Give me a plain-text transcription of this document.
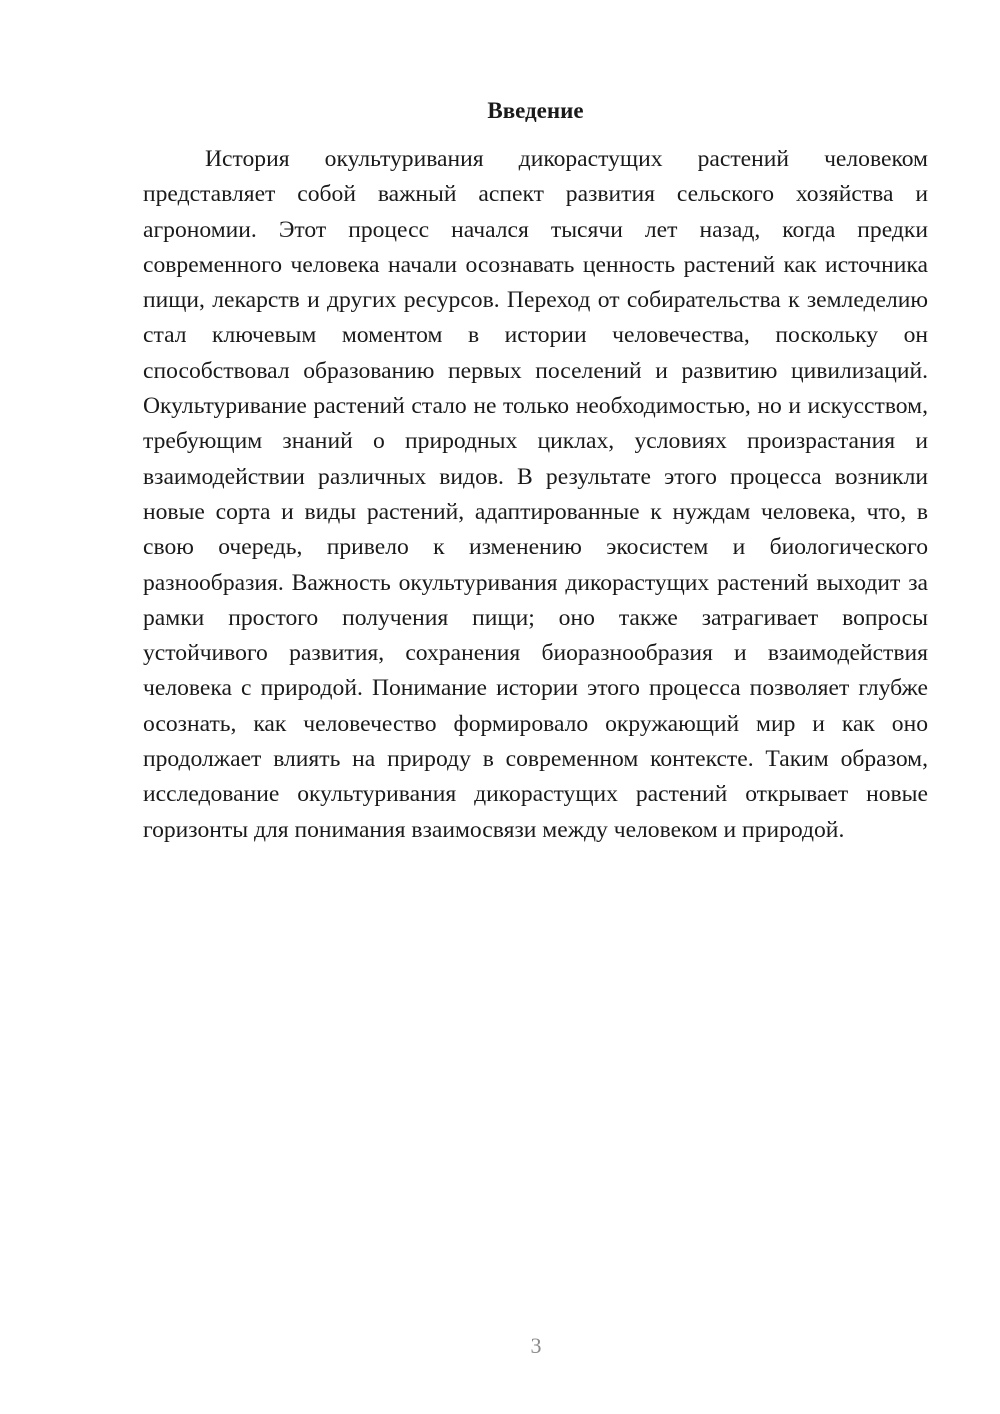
Введение

История окультуривания дикорастущих растений человеком представляет собой важный аспект развития сельского хозяйства и агрономии. Этот процесс начался тысячи лет назад, когда предки современного человека начали осознавать ценность растений как источника пищи, лекарств и других ресурсов. Переход от собирательства к земледелию стал ключевым моментом в истории человечества, поскольку он способствовал образованию первых поселений и развитию цивилизаций. Окультуривание растений стало не только необходимостью, но и искусством, требующим знаний о природных циклах, условиях произрастания и взаимодействии различных видов. В результате этого процесса возникли новые сорта и виды растений, адаптированные к нуждам человека, что, в свою очередь, привело к изменению экосистем и биологического разнообразия. Важность окультуривания дикорастущих растений выходит за рамки простого получения пищи; оно также затрагивает вопросы устойчивого развития, сохранения биоразнообразия и взаимодействия человека с природой. Понимание истории этого процесса позволяет глубже осознать, как человечество формировало окружающий мир и как оно продолжает влиять на природу в современном контексте. Таким образом, исследование окультуривания дикорастущих растений открывает новые горизонты для понимания взаимосвязи между человеком и природой.

3
